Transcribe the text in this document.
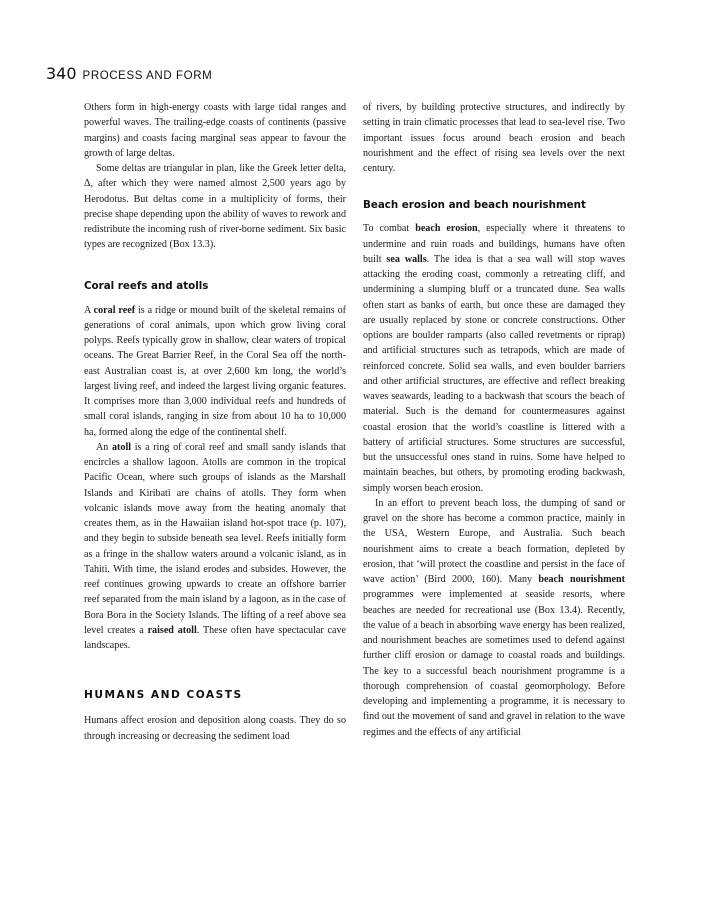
340 PROCESS AND FORM

Others form in high-energy coasts with large tidal ranges and powerful waves. The trailing-edge coasts of continents (passive margins) and coasts facing marginal seas appear to favour the growth of large deltas.

Some deltas are triangular in plan, like the Greek letter delta, Δ, after which they were named almost 2,500 years ago by Herodotus. But deltas come in a multiplicity of forms, their precise shape depending upon the ability of waves to rework and redistribute the incoming rush of river-borne sediment. Six basic types are recognized (Box 13.3).

Coral reefs and atolls

A coral reef is a ridge or mound built of the skeletal remains of generations of coral animals, upon which grow living coral polyps. Reefs typically grow in shallow, clear waters of tropical oceans. The Great Barrier Reef, in the Coral Sea off the north-east Australian coast is, at over 2,600 km long, the world’s largest living reef, and indeed the largest living organic features. It comprises more than 3,000 individual reefs and hundreds of small coral islands, ranging in size from about 10 ha to 10,000 ha, formed along the edge of the continental shelf.

An atoll is a ring of coral reef and small sandy islands that encircles a shallow lagoon. Atolls are common in the tropical Pacific Ocean, where such groups of islands as the Marshall Islands and Kiribati are chains of atolls. They form when volcanic islands move away from the heating anomaly that creates them, as in the Hawaiian island hot-spot trace (p. 107), and they begin to subside beneath sea level. Reefs initially form as a fringe in the shallow waters around a volcanic island, as in Tahiti. With time, the island erodes and subsides. However, the reef continues growing upwards to create an offshore barrier reef separated from the main island by a lagoon, as in the case of Bora Bora in the Society Islands. The lifting of a reef above sea level creates a raised atoll. These often have spectacular cave landscapes.

HUMANS AND COASTS

Humans affect erosion and deposition along coasts. They do so through increasing or decreasing the sediment load

of rivers, by building protective structures, and indirectly by setting in train climatic processes that lead to sea-level rise. Two important issues focus around beach erosion and beach nourishment and the effect of rising sea levels over the next century.

Beach erosion and beach nourishment

To combat beach erosion, especially where it threatens to undermine and ruin roads and buildings, humans have often built sea walls. The idea is that a sea wall will stop waves attacking the eroding coast, commonly a retreating cliff, and undermining a slumping bluff or a truncated dune. Sea walls often start as banks of earth, but once these are damaged they are usually replaced by stone or concrete constructions. Other options are boulder ramparts (also called revetments or riprap) and artificial structures such as tetrapods, which are made of reinforced concrete. Solid sea walls, and even boulder barriers and other artificial structures, are effective and reflect breaking waves seawards, leading to a backwash that scours the beach of material. Such is the demand for countermeasures against coastal erosion that the world’s coastline is littered with a battery of artificial structures. Some structures are successful, but the unsuccessful ones stand in ruins. Some have helped to maintain beaches, but others, by promoting eroding backwash, simply worsen beach erosion.

In an effort to prevent beach loss, the dumping of sand or gravel on the shore has become a common practice, mainly in the USA, Western Europe, and Australia. Such beach nourishment aims to create a beach formation, depleted by erosion, that ‘will protect the coastline and persist in the face of wave action’ (Bird 2000, 160). Many beach nourishment programmes were implemented at seaside resorts, where beaches are needed for recreational use (Box 13.4). Recently, the value of a beach in absorbing wave energy has been realized, and nourishment beaches are sometimes used to defend against further cliff erosion or damage to coastal roads and buildings. The key to a successful beach nourishment programme is a thorough comprehension of coastal geomorphology. Before developing and implementing a programme, it is necessary to find out the movement of sand and gravel in relation to the wave regimes and the effects of any artificial
